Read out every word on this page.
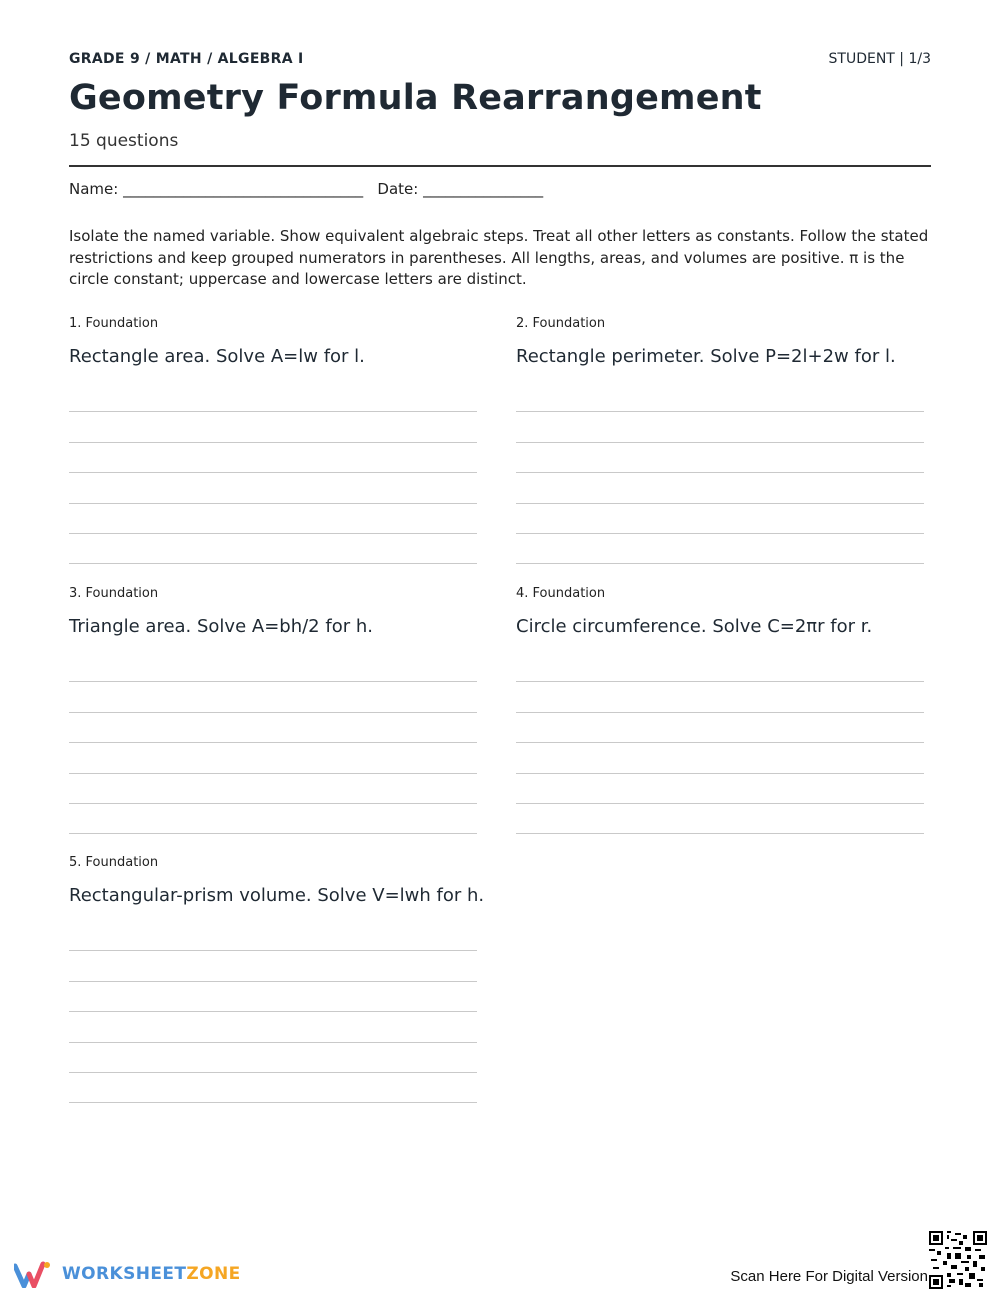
GRADE 9 / MATH / ALGEBRA I	STUDENT | 1/3
Geometry Formula Rearrangement
15 questions
Name: ________________________________ Date: ________________

Isolate the named variable. Show equivalent algebraic steps. Treat all other letters as constants. Follow the stated restrictions and keep grouped numerators in parentheses. All lengths, areas, and volumes are positive. π is the circle constant; uppercase and lowercase letters are distinct.

1. Foundation
Rectangle area. Solve A=lw for l.
2. Foundation
Rectangle perimeter. Solve P=2l+2w for l.
3. Foundation
Triangle area. Solve A=bh/2 for h.
4. Foundation
Circle circumference. Solve C=2πr for r.
5. Foundation
Rectangular-prism volume. Solve V=lwh for h.
WORKSHEETZONE	Scan Here For Digital Version
